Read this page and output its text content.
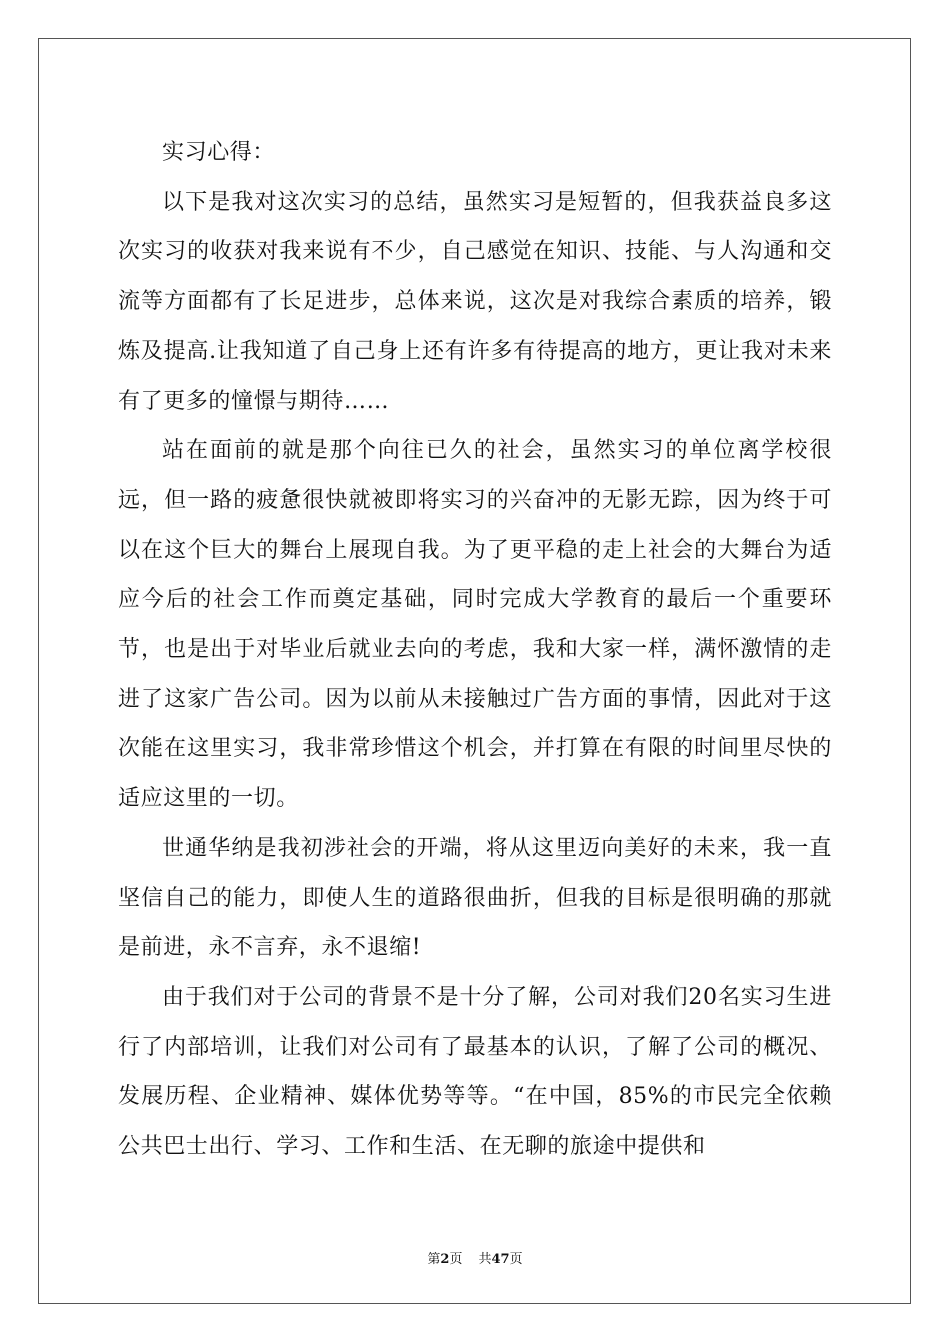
实习心得：

以下是我对这次实习的总结，虽然实习是短暂的，但我获益良多这次实习的收获对我来说有不少，自己感觉在知识、技能、与人沟通和交流等方面都有了长足进步，总体来说，这次是对我综合素质的培养，锻炼及提高.让我知道了自己身上还有许多有待提高的地方，更让我对未来有了更多的憧憬与期待……

站在面前的就是那个向往已久的社会，虽然实习的单位离学校很远，但一路的疲惫很快就被即将实习的兴奋冲的无影无踪，因为终于可以在这个巨大的舞台上展现自我。为了更平稳的走上社会的大舞台为适应今后的社会工作而奠定基础，同时完成大学教育的最后一个重要环节，也是出于对毕业后就业去向的考虑，我和大家一样，满怀激情的走进了这家广告公司。因为以前从未接触过广告方面的事情，因此对于这次能在这里实习，我非常珍惜这个机会，并打算在有限的时间里尽快的适应这里的一切。

世通华纳是我初涉社会的开端，将从这里迈向美好的未来，我一直坚信自己的能力，即使人生的道路很曲折，但我的目标是很明确的那就是前进，永不言弃，永不退缩!

由于我们对于公司的背景不是十分了解，公司对我们20名实习生进行了内部培训，让我们对公司有了最基本的认识，了解了公司的概况、发展历程、企业精神、媒体优势等等。“在中国，85%的市民完全依赖公共巴士出行、学习、工作和生活、在无聊的旅途中提供和

第2页 共47页
